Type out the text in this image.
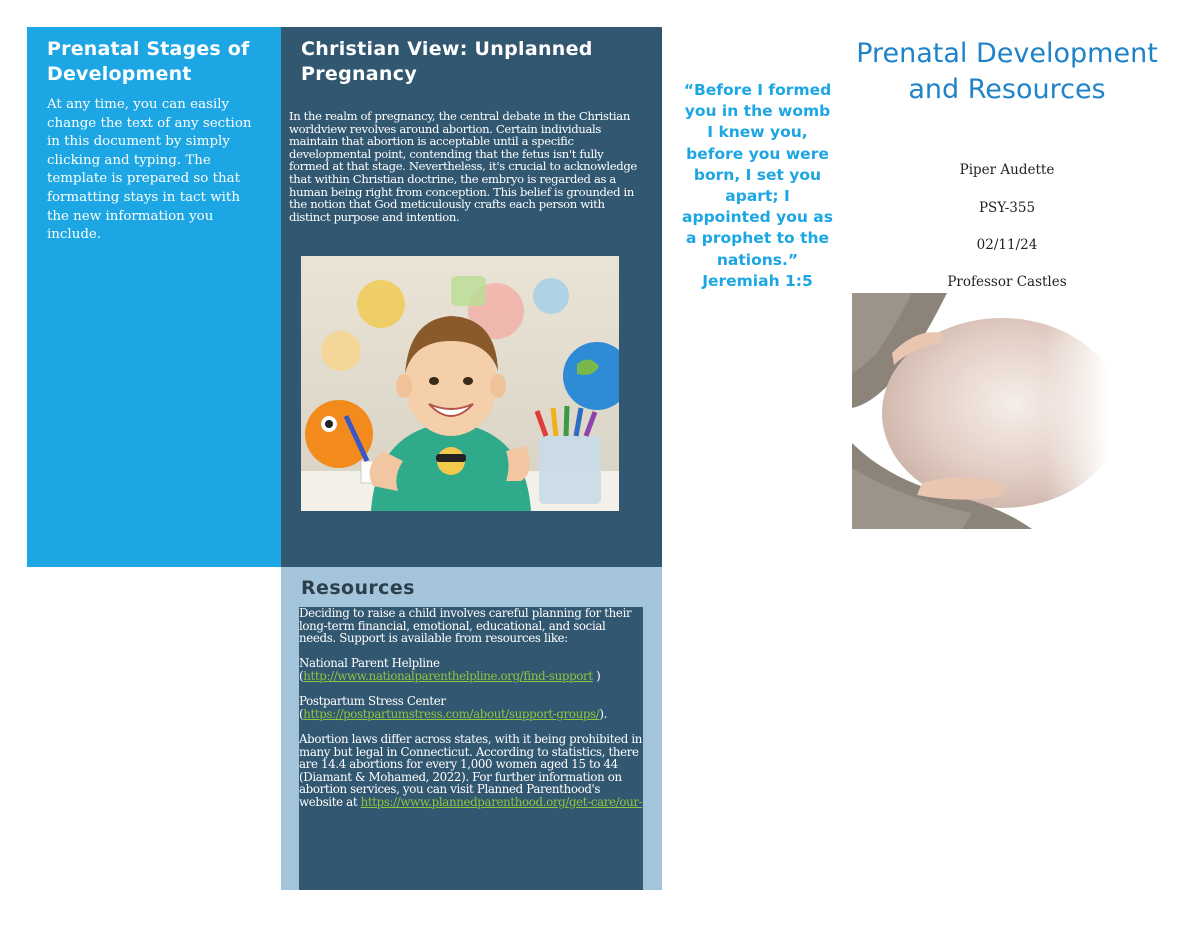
Prenatal Stages of Development

At any time, you can easily change the text of any section in this document by simply clicking and typing. The template is prepared so that formatting stays in tact with the new information you include.

Christian View: Unplanned Pregnancy

In the realm of pregnancy, the central debate in the Christian worldview revolves around abortion. Certain individuals maintain that abortion is acceptable until a specific developmental point, contending that the fetus isn't fully formed at that stage. Nevertheless, it's crucial to acknowledge that within Christian doctrine, the embryo is regarded as a human being right from conception. This belief is grounded in the notion that God meticulously crafts each person with distinct purpose and intention.

Resources

Deciding to raise a child involves careful planning for their long-term financial, emotional, educational, and social needs. Support is available from resources like:

National Parent Helpline
(http://www.nationalparenthelpline.org/find-support )

Postpartum Stress Center
(https://postpartumstress.com/about/support-groups/).

Abortion laws differ across states, with it being prohibited in many but legal in Connecticut. According to statistics, there are 14.4 abortions for every 1,000 women aged 15 to 44 (Diamant & Mohamed, 2022). For further information on abortion services, you can visit Planned Parenthood's website at https://www.plannedparenthood.org/get-care/our-

“Before I formed you in the womb I knew you, before you were born, I set you apart; I appointed you as a prophet to the nations.” Jeremiah 1:5

Prenatal Development and Resources

Piper Audette

PSY-355

02/11/24

Professor Castles
